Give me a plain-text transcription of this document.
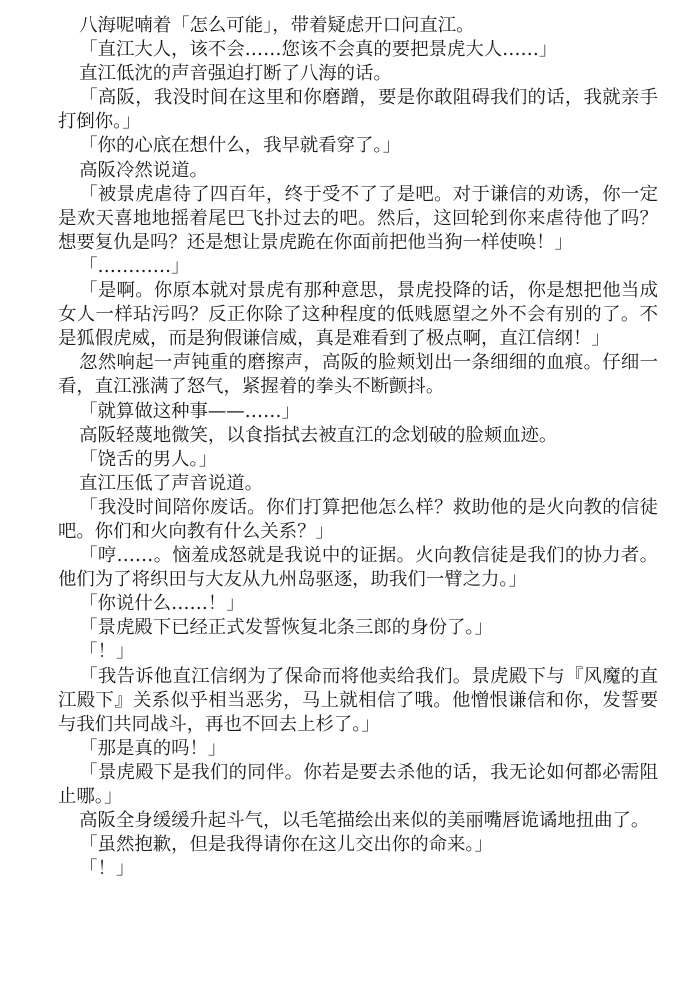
八海呢喃着「怎么可能」，带着疑虑开口问直江。

「直江大人，该不会……您该不会真的要把景虎大人……」

直江低沈的声音强迫打断了八海的话。

「高阪，我没时间在这里和你磨蹭，要是你敢阻碍我们的话，我就亲手打倒你。」

「你的心底在想什么，我早就看穿了。」

高阪冷然说道。

「被景虎虐待了四百年，终于受不了了是吧。对于谦信的劝诱，你一定是欢天喜地地摇着尾巴飞扑过去的吧。然后，这回轮到你来虐待他了吗？想要复仇是吗？还是想让景虎跪在你面前把他当狗一样使唤！」

「…………」

「是啊。你原本就对景虎有那种意思，景虎投降的话，你是想把他当成女人一样玷污吗？反正你除了这种程度的低贱愿望之外不会有别的了。不是狐假虎威，而是狗假谦信威，真是难看到了极点啊，直江信纲！」

忽然响起一声钝重的磨擦声，高阪的脸颊划出一条细细的血痕。仔细一看，直江涨满了怒气，紧握着的拳头不断颤抖。

「就算做这种事——……」

高阪轻蔑地微笑，以食指拭去被直江的念划破的脸颊血迹。

「饶舌的男人。」

直江压低了声音说道。

「我没时间陪你废话。你们打算把他怎么样？救助他的是火向教的信徒吧。你们和火向教有什么关系？」

「哼……。恼羞成怒就是我说中的证据。火向教信徒是我们的协力者。他们为了将织田与大友从九州岛驱逐，助我们一臂之力。」

「你说什么……！」

「景虎殿下已经正式发誓恢复北条三郎的身份了。」

「！」

「我告诉他直江信纲为了保命而将他卖给我们。景虎殿下与『风魔的直江殿下』关系似乎相当恶劣，马上就相信了哦。他憎恨谦信和你，发誓要与我们共同战斗，再也不回去上杉了。」

「那是真的吗！」

「景虎殿下是我们的同伴。你若是要去杀他的话，我无论如何都必需阻止哪。」

高阪全身缓缓升起斗气，以毛笔描绘出来似的美丽嘴唇诡谲地扭曲了。

「虽然抱歉，但是我得请你在这儿交出你的命来。」

「！」
